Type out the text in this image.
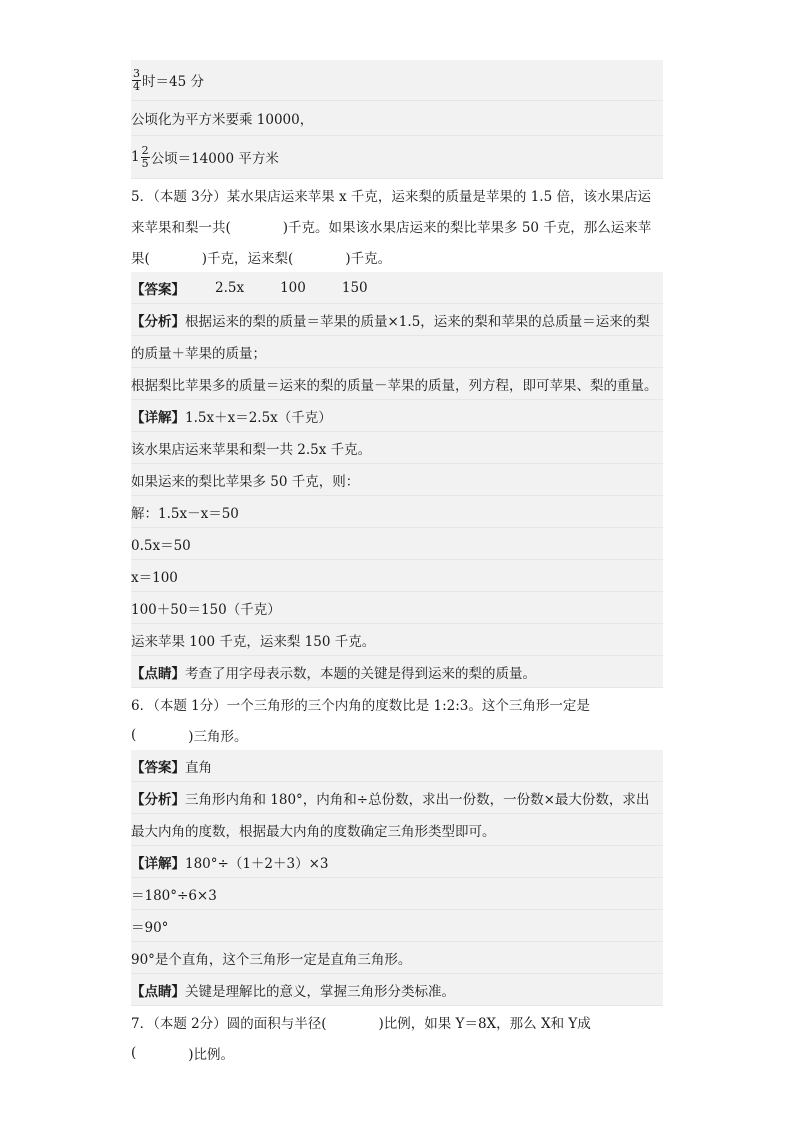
$\frac{3}{4}$ 时＝45 分
公顷化为平方米要乘 10000，
$1 \frac{2}{5}$ 公顷＝14000 平方米
5．（本题 3分）某水果店运来苹果 x 千克，运来梨的质量是苹果的 1.5 倍，该水果店运
来苹果和梨一共(	)千克。如果该水果店运来的梨比苹果多 50 千克，那么运来苹
果(	)千克，运来梨(	)千克。
【答案】 2.5x	100	150
【分析】 根据运来的梨的质量＝苹果的质量×1.5，运来的梨和苹果的总质量＝运来的梨
的质量＋苹果的质量；
根据梨比苹果多的质量＝运来的梨的质量－苹果的质量，列方程，即可苹果、梨的重量。
【详解】 1.5x＋x＝2.5x（千克）
该水果店运来苹果和梨一共 2.5x 千克。
如果运来的梨比苹果多 50 千克，则：
解：1.5x－x＝50
0.5x＝50
x＝100
100＋50＝150（千克）
运来苹果 100 千克，运来梨 150 千克。
【点睛】 考查了用字母表示数，本题的关键是得到运来的梨的质量。
6．（本题 1分）一个三角形的三个内角的度数比是 1:2:3。这个三角形一定是
(	)三角形。
【答案】 直角
【分析】 三角形内角和 180°，内角和÷总份数，求出一份数，一份数×最大份数，求出
最大内角的度数，根据最大内角的度数确定三角形类型即可。
【详解】 180°÷（1＋2＋3）×3
＝180°÷6×3
＝90°
90°是个直角，这个三角形一定是直角三角形。
【点睛】 关键是理解比的意义，掌握三角形分类标准。
7．（本题 2分）圆的面积与半径(	)比例，如果 Y＝8X，那么 X和 Y成
(	)比例。
